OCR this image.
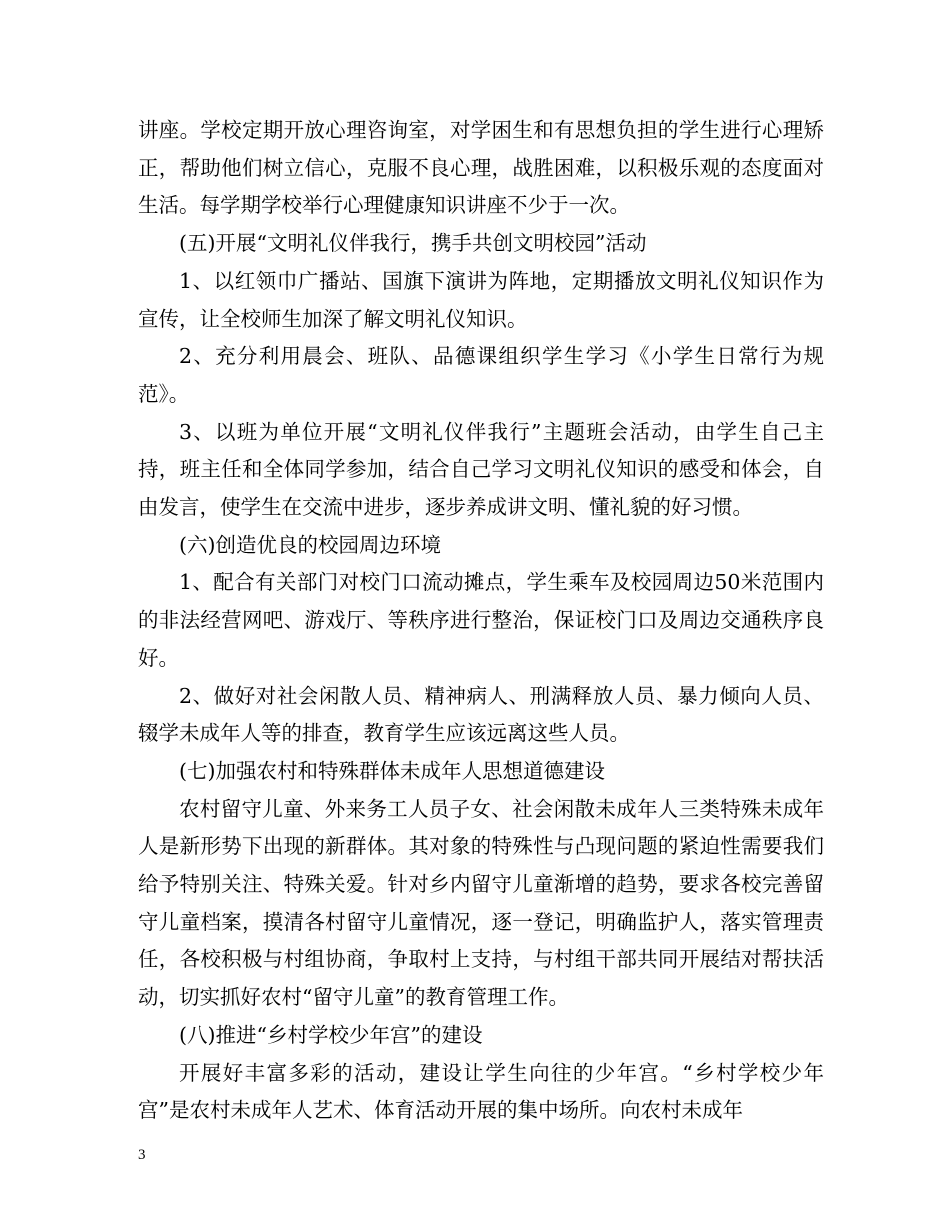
讲座。学校定期开放心理咨询室，对学困生和有思想负担的学生进行心理矫正，帮助他们树立信心，克服不良心理，战胜困难，以积极乐观的态度面对生活。每学期学校举行心理健康知识讲座不少于一次。

(五)开展“文明礼仪伴我行，携手共创文明校园”活动

1、以红领巾广播站、国旗下演讲为阵地，定期播放文明礼仪知识作为宣传，让全校师生加深了解文明礼仪知识。

2、充分利用晨会、班队、品德课组织学生学习《小学生日常行为规范》。

3、以班为单位开展“文明礼仪伴我行”主题班会活动，由学生自己主持，班主任和全体同学参加，结合自己学习文明礼仪知识的感受和体会，自由发言，使学生在交流中进步，逐步养成讲文明、懂礼貌的好习惯。

(六)创造优良的校园周边环境

1、配合有关部门对校门口流动摊点，学生乘车及校园周边50米范围内的非法经营网吧、游戏厅、等秩序进行整治，保证校门口及周边交通秩序良好。

2、做好对社会闲散人员、精神病人、刑满释放人员、暴力倾向人员、辍学未成年人等的排查，教育学生应该远离这些人员。

(七)加强农村和特殊群体未成年人思想道德建设

农村留守儿童、外来务工人员子女、社会闲散未成年人三类特殊未成年人是新形势下出现的新群体。其对象的特殊性与凸现问题的紧迫性需要我们给予特别关注、特殊关爱。针对乡内留守儿童渐增的趋势，要求各校完善留守儿童档案，摸清各村留守儿童情况，逐一登记，明确监护人，落实管理责任，各校积极与村组协商，争取村上支持，与村组干部共同开展结对帮扶活动，切实抓好农村“留守儿童”的教育管理工作。

(八)推进“乡村学校少年宫”的建设

开展好丰富多彩的活动，建设让学生向往的少年宫。“乡村学校少年宫”是农村未成年人艺术、体育活动开展的集中场所。向农村未成年

3
